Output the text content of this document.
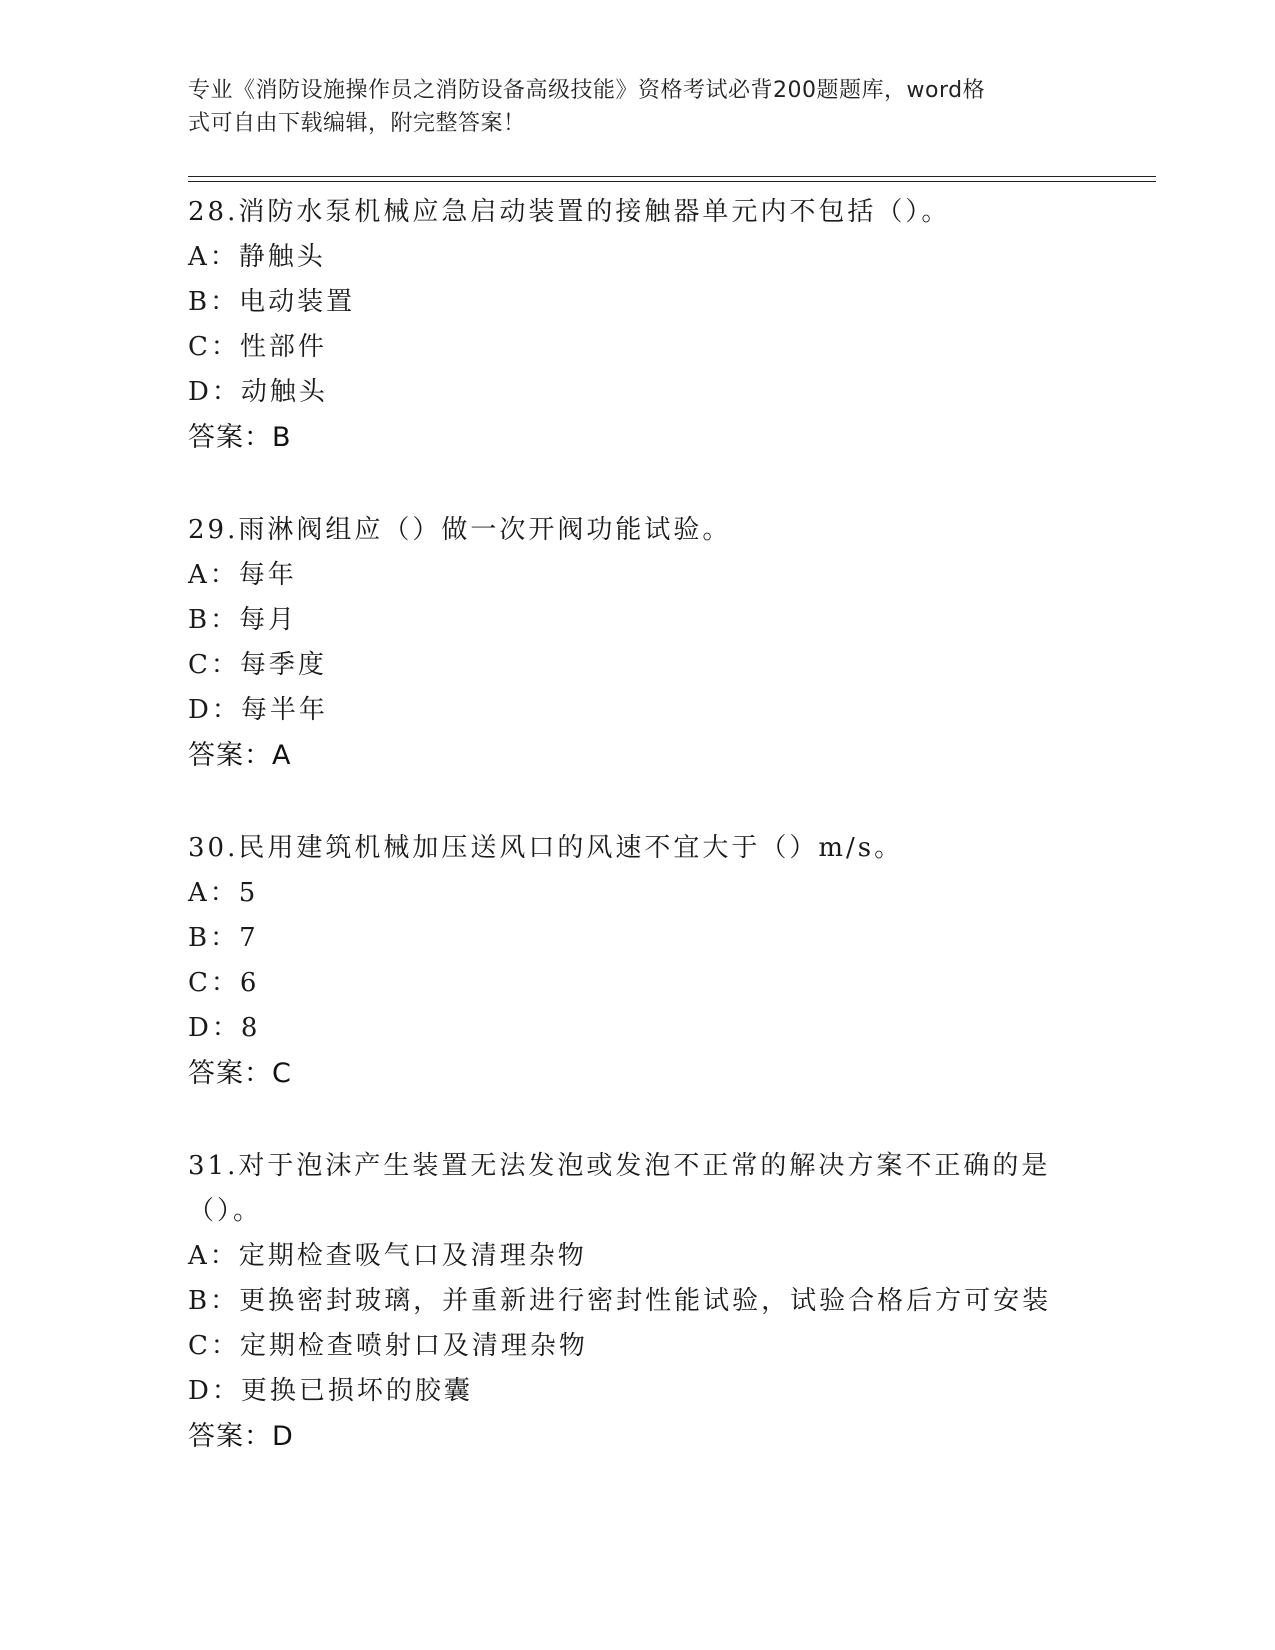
专业《消防设施操作员之消防设备高级技能》资格考试必背200题题库，word格
式可自由下载编辑，附完整答案！
28.消防水泵机械应急启动装置的接触器单元内不包括（）。
A：静触头
B：电动装置
C：性部件
D：动触头
答案：B
29.雨淋阀组应（）做一次开阀功能试验。
A：每年
B：每月
C：每季度
D：每半年
答案：A
30.民用建筑机械加压送风口的风速不宜大于（）m/s。
A：5
B：7
C：6
D：8
答案：C
31.对于泡沫产生装置无法发泡或发泡不正常的解决方案不正确的是（）。
A：定期检查吸气口及清理杂物
B：更换密封玻璃，并重新进行密封性能试验，试验合格后方可安装
C：定期检查喷射口及清理杂物
D：更换已损坏的胶囊
答案：D
